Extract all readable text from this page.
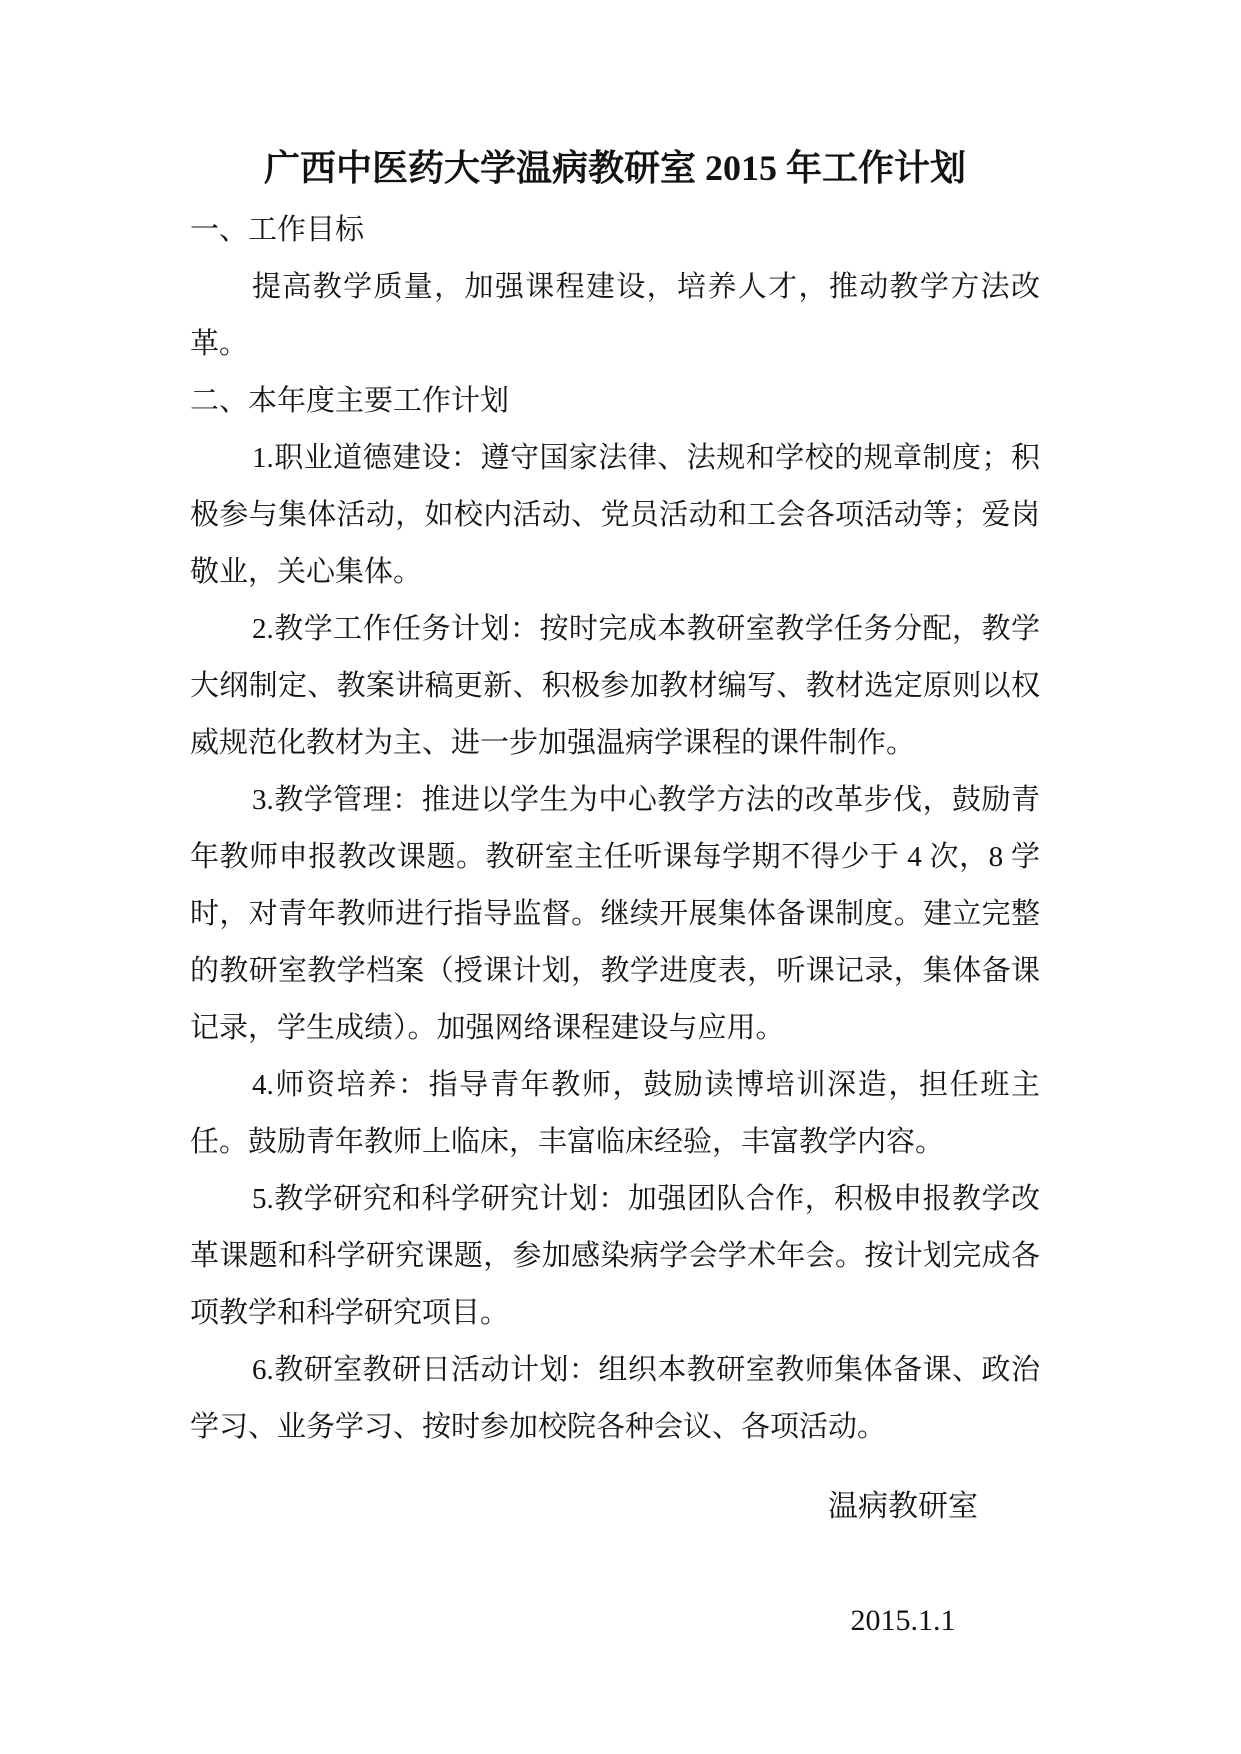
广西中医药大学温病教研室 2015 年工作计划

一、工作目标

提高教学质量，加强课程建设，培养人才，推动教学方法改革。

二、本年度主要工作计划

1.职业道德建设：遵守国家法律、法规和学校的规章制度；积极参与集体活动，如校内活动、党员活动和工会各项活动等；爱岗敬业，关心集体。

2.教学工作任务计划：按时完成本教研室教学任务分配，教学大纲制定、教案讲稿更新、积极参加教材编写、教材选定原则以权威规范化教材为主、进一步加强温病学课程的课件制作。

3.教学管理：推进以学生为中心教学方法的改革步伐，鼓励青年教师申报教改课题。教研室主任听课每学期不得少于 4 次，8 学时，对青年教师进行指导监督。继续开展集体备课制度。建立完整的教研室教学档案（授课计划，教学进度表，听课记录，集体备课记录，学生成绩）。加强网络课程建设与应用。

4.师资培养：指导青年教师，鼓励读博培训深造，担任班主任。鼓励青年教师上临床，丰富临床经验，丰富教学内容。

5.教学研究和科学研究计划：加强团队合作，积极申报教学改革课题和科学研究课题，参加感染病学会学术年会。按计划完成各项教学和科学研究项目。

6.教研室教研日活动计划：组织本教研室教师集体备课、政治学习、业务学习、按时参加校院各种会议、各项活动。

温病教研室
2015.1.1
